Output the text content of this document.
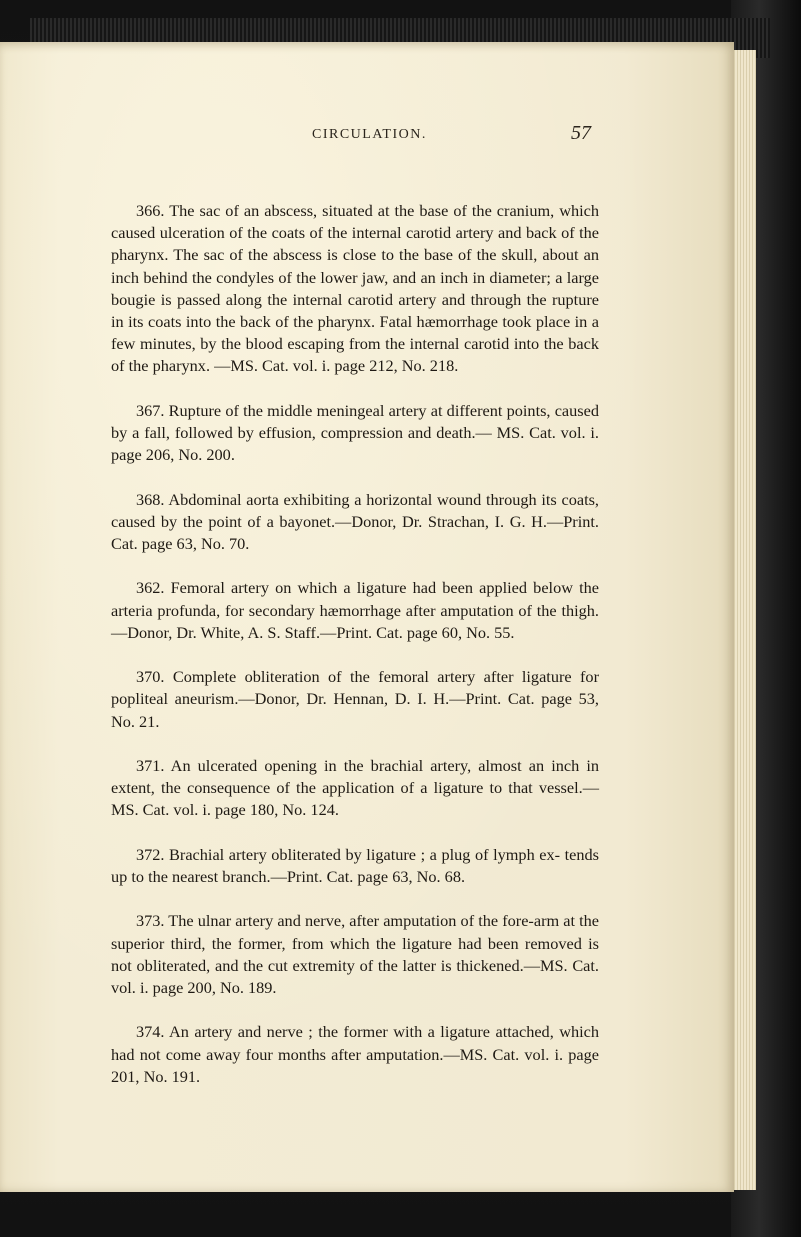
CIRCULATION.	57

366. The sac of an abscess, situated at the base of the cranium, which caused ulceration of the coats of the internal carotid artery and back of the pharynx. The sac of the abscess is close to the base of the skull, about an inch behind the condyles of the lower jaw, and an inch in diameter; a large bougie is passed along the internal carotid artery and through the rupture in its coats into the back of the pharynx. Fatal hæmorrhage took place in a few minutes, by the blood escaping from the internal carotid into the back of the pharynx. —MS. Cat. vol. i. page 212, No. 218.

367. Rupture of the middle meningeal artery at different points, caused by a fall, followed by effusion, compression and death.— MS. Cat. vol. i. page 206, No. 200.

368. Abdominal aorta exhibiting a horizontal wound through its coats, caused by the point of a bayonet.—Donor, Dr. Strachan, I. G. H.—Print. Cat. page 63, No. 70.

362. Femoral artery on which a ligature had been applied below the arteria profunda, for secondary hæmorrhage after amputation of the thigh.—Donor, Dr. White, A. S. Staff.—Print. Cat. page 60, No. 55.

370. Complete obliteration of the femoral artery after ligature for popliteal aneurism.—Donor, Dr. Hennan, D. I. H.—Print. Cat. page 53, No. 21.

371. An ulcerated opening in the brachial artery, almost an inch in extent, the consequence of the application of a ligature to that vessel.—MS. Cat. vol. i. page 180, No. 124.

372. Brachial artery obliterated by ligature ; a plug of lymph ex- tends up to the nearest branch.—Print. Cat. page 63, No. 68.

373. The ulnar artery and nerve, after amputation of the fore-arm at the superior third, the former, from which the ligature had been removed is not obliterated, and the cut extremity of the latter is thickened.—MS. Cat. vol. i. page 200, No. 189.

374. An artery and nerve ; the former with a ligature attached, which had not come away four months after amputation.—MS. Cat. vol. i. page 201, No. 191.
